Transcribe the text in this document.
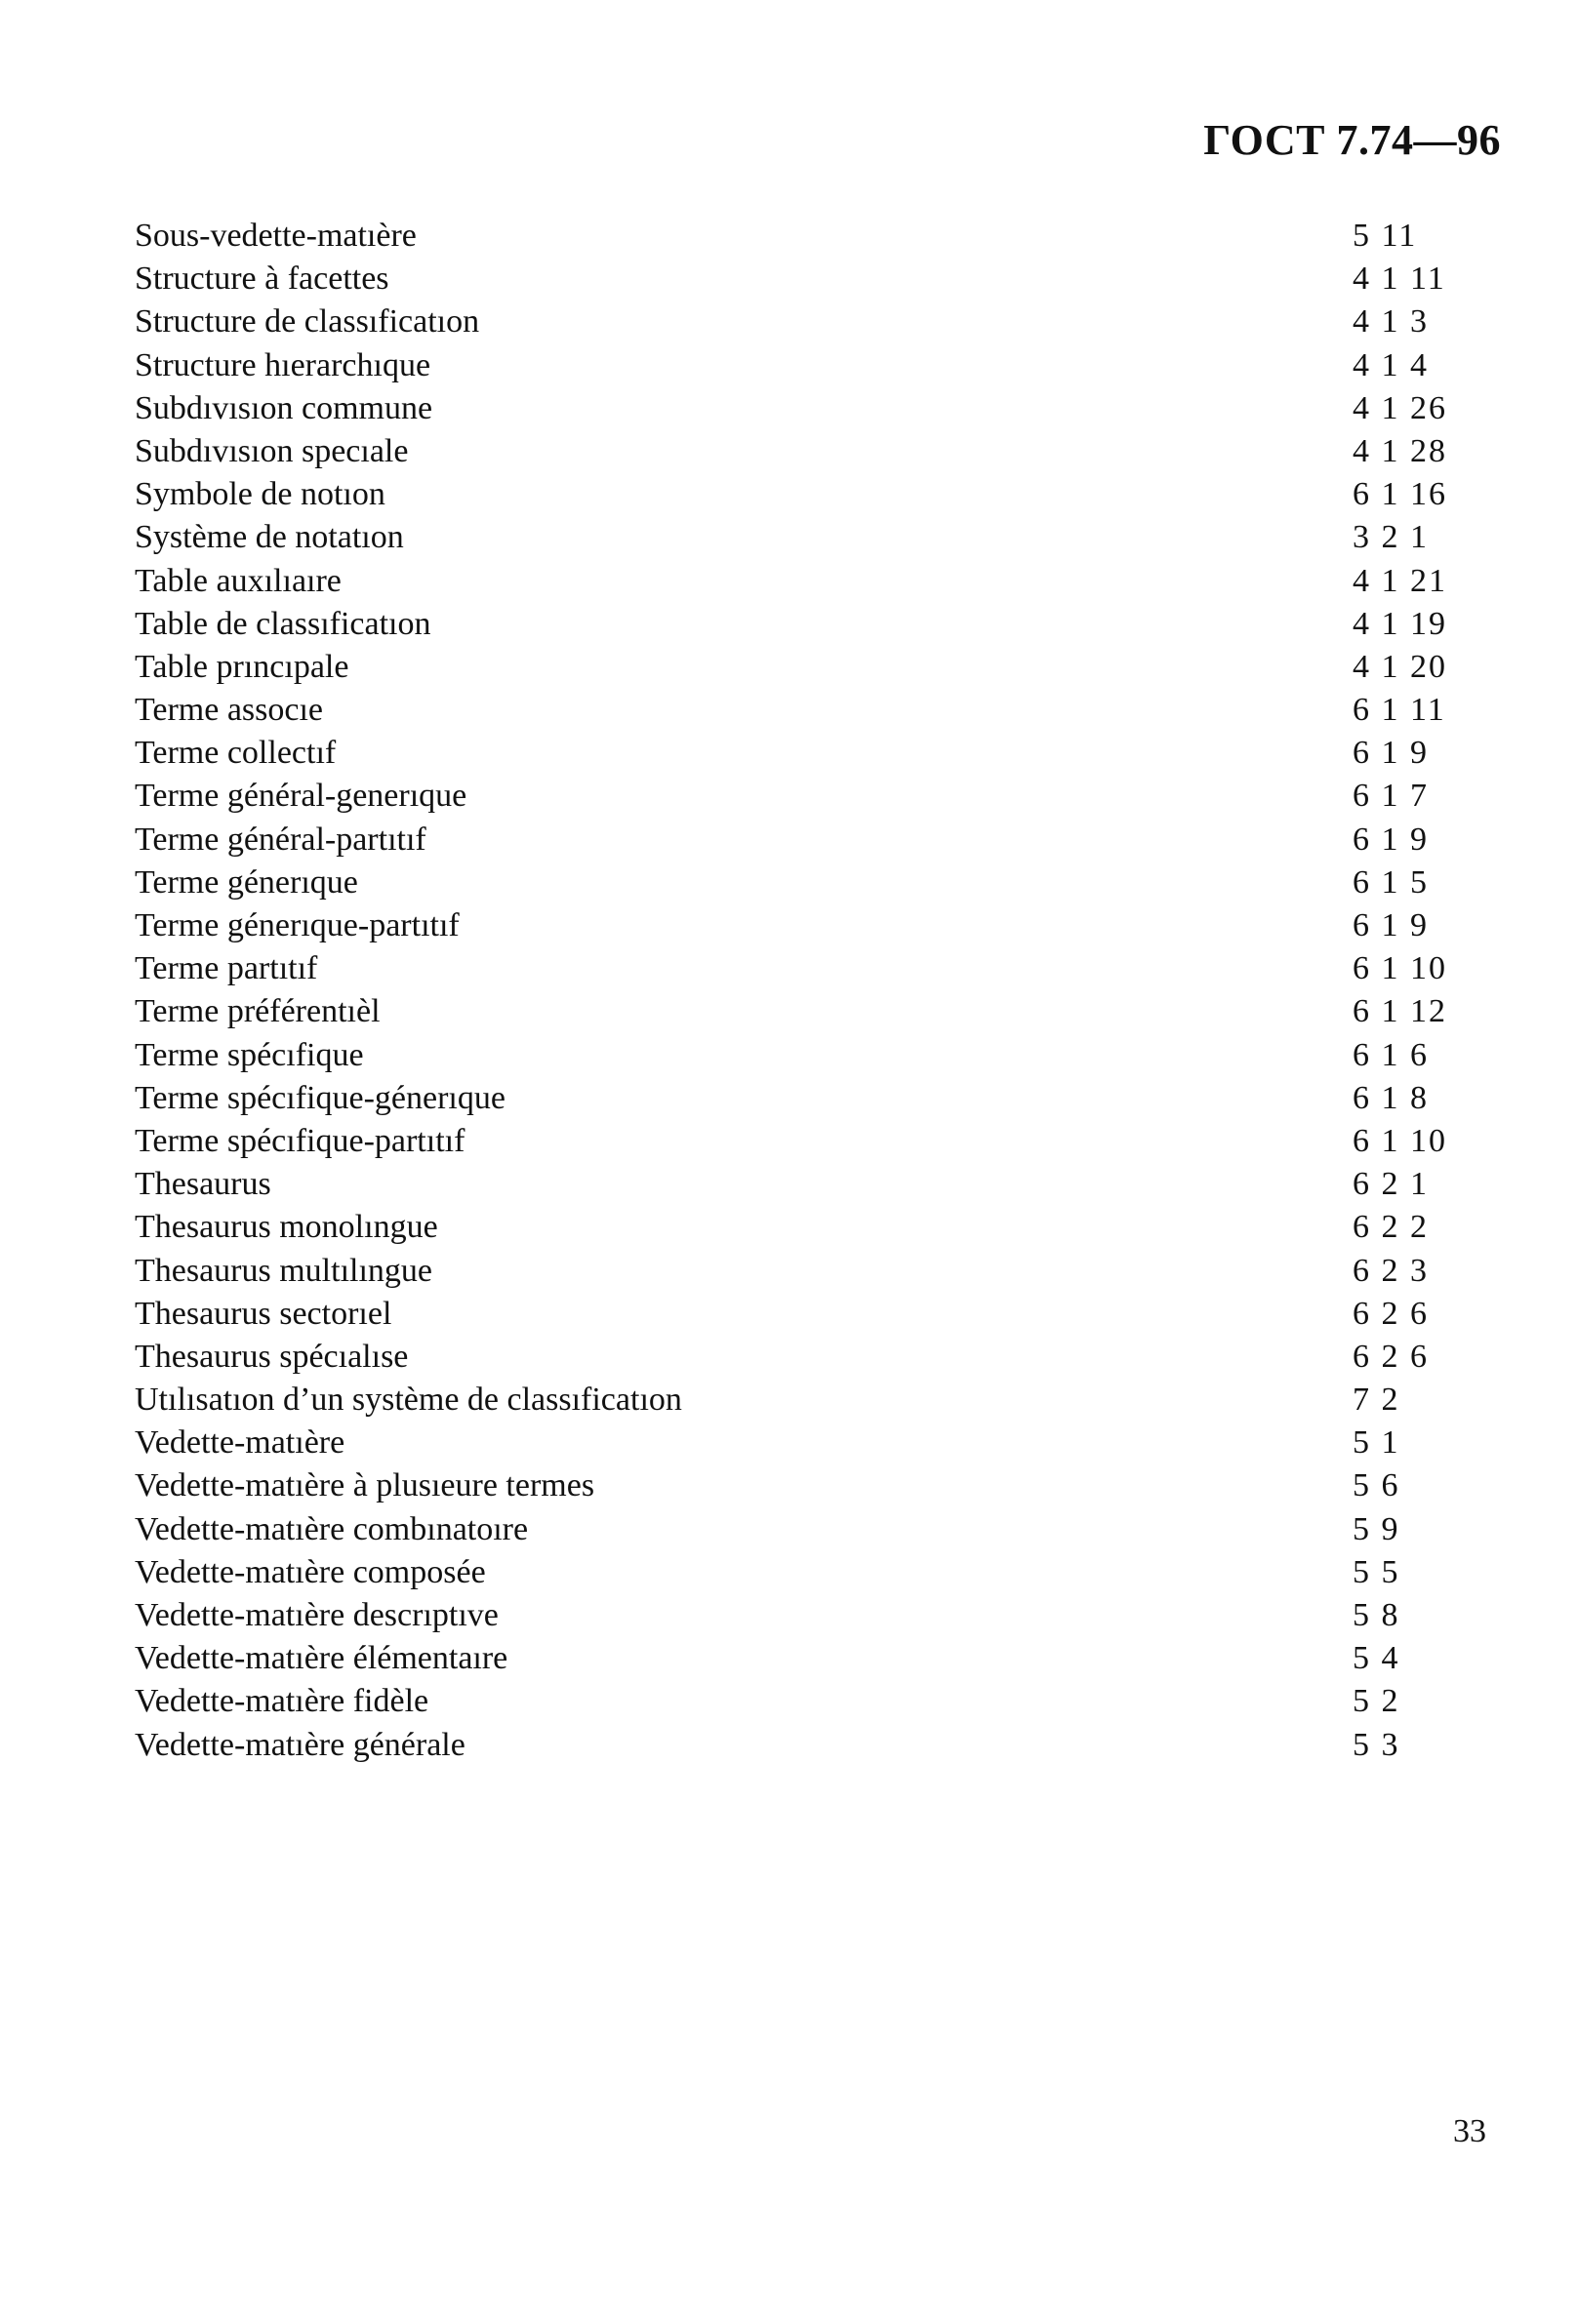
ГОСТ 7.74—96
Sous-vedette-matıère	5 11
Structure à facettes	4 1 11
Structure de classıficatıon	4 1 3
Structure hıerarchıque	4 1 4
Subdıvısıon commune	4 1 26
Subdıvısıon specıale	4 1 28
Symbole de notıon	6 1 16
Système de notatıon	3 2 1
Table auxılıaıre	4 1 21
Table de classıficatıon	4 1 19
Table prıncıpale	4 1 20
Terme assocıe	6 1 11
Terme collectıf	6 1 9
Terme général-generıque	6 1 7
Terme général-partıtıf	6 1 9
Terme génerıque	6 1 5
Terme génerıque-partıtıf	6 1 9
Terme partıtıf	6 1 10
Terme préférentıèl	6 1 12
Terme spécıfique	6 1 6
Terme spécıfique-génerıque	6 1 8
Terme spécıfique-partıtıf	6 1 10
Thesaurus	6 2 1
Thesaurus monolıngue	6 2 2
Thesaurus multılıngue	6 2 3
Thesaurus sectorıel	6 2 6
Thesaurus spécıalıse	6 2 6
Utılısatıon d’un système de classıficatıon	7 2
Vedette-matıère	5 1
Vedette-matıère à plusıeure termes	5 6
Vedette-matıère combınatoıre	5 9
Vedette-matıère composée	5 5
Vedette-matıère descrıptıve	5 8
Vedette-matıère élémentaıre	5 4
Vedette-matıère fidèle	5 2
Vedette-matıère générale	5 3
33
